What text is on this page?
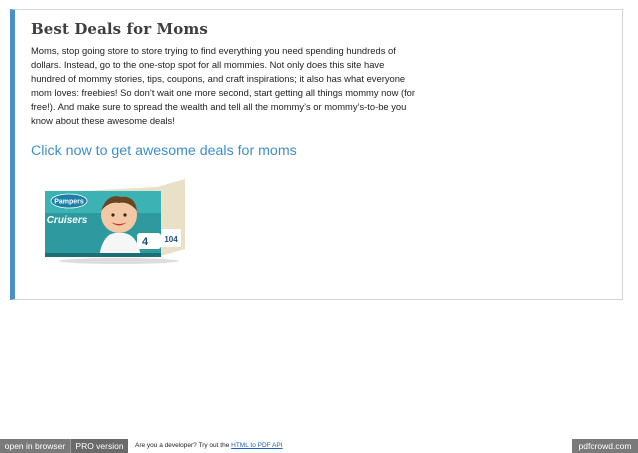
Best Deals for Moms

Moms, stop going store to store trying to find everything you need spending hundreds of dollars. Instead, go to the one-stop spot for all mommies. Not only does this site have hundred of mommy stories, tips, coupons, and craft inspirations; it also has what everyone mom loves: freebies! So don’t wait one more second, start getting all things mommy now (for free!). And make sure to spread the wealth and tell all the mommy’s or mommy’s-to-be you know about these awesome deals!

Click now to get awesome deals for moms
Pampers
Cruisers
4 104
open in browser	PRO version	Are you a developer? Try out the HTML to PDF API	pdfcrowd.com
